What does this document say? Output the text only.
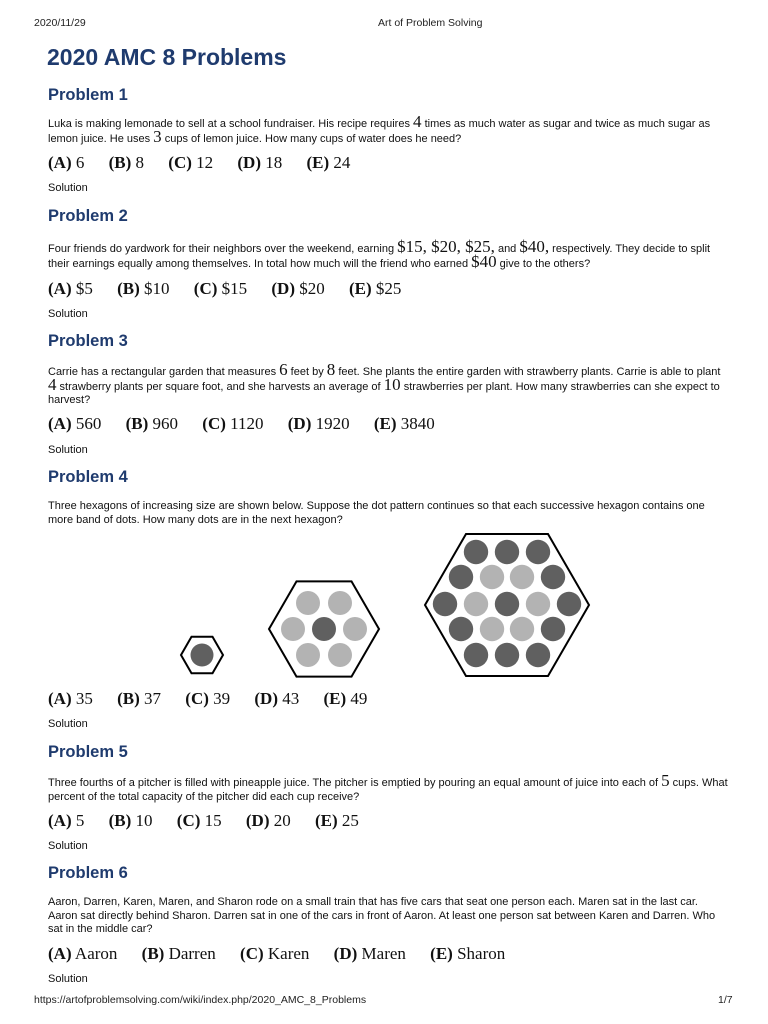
2020/11/29	Art of Problem Solving
2020 AMC 8 Problems
Problem 1
Luka is making lemonade to sell at a school fundraiser. His recipe requires 4 times as much water as sugar and twice as much sugar as lemon juice. He uses 3 cups of lemon juice. How many cups of water does he need?
(A) 6 (B) 8 (C) 12 (D) 18 (E) 24
Solution
Problem 2
Four friends do yardwork for their neighbors over the weekend, earning $15, $20, $25, and $40, respectively. They decide to split their earnings equally among themselves. In total how much will the friend who earned $40 give to the others?
(A) $5 (B) $10 (C) $15 (D) $20 (E) $25
Solution
Problem 3
Carrie has a rectangular garden that measures 6 feet by 8 feet. She plants the entire garden with strawberry plants. Carrie is able to plant 4 strawberry plants per square foot, and she harvests an average of 10 strawberries per plant. How many strawberries can she expect to harvest?
(A) 560 (B) 960 (C) 1120 (D) 1920 (E) 3840
Solution
Problem 4
Three hexagons of increasing size are shown below. Suppose the dot pattern continues so that each successive hexagon contains one more band of dots. How many dots are in the next hexagon?
(A) 35 (B) 37 (C) 39 (D) 43 (E) 49
Solution
Problem 5
Three fourths of a pitcher is filled with pineapple juice. The pitcher is emptied by pouring an equal amount of juice into each of 5 cups. What percent of the total capacity of the pitcher did each cup receive?
(A) 5 (B) 10 (C) 15 (D) 20 (E) 25
Solution
Problem 6
Aaron, Darren, Karen, Maren, and Sharon rode on a small train that has five cars that seat one person each. Maren sat in the last car. Aaron sat directly behind Sharon. Darren sat in one of the cars in front of Aaron. At least one person sat between Karen and Darren. Who sat in the middle car?
(A) Aaron (B) Darren (C) Karen (D) Maren (E) Sharon
Solution
https://artofproblemsolving.com/wiki/index.php/2020_AMC_8_Problems	1/7
